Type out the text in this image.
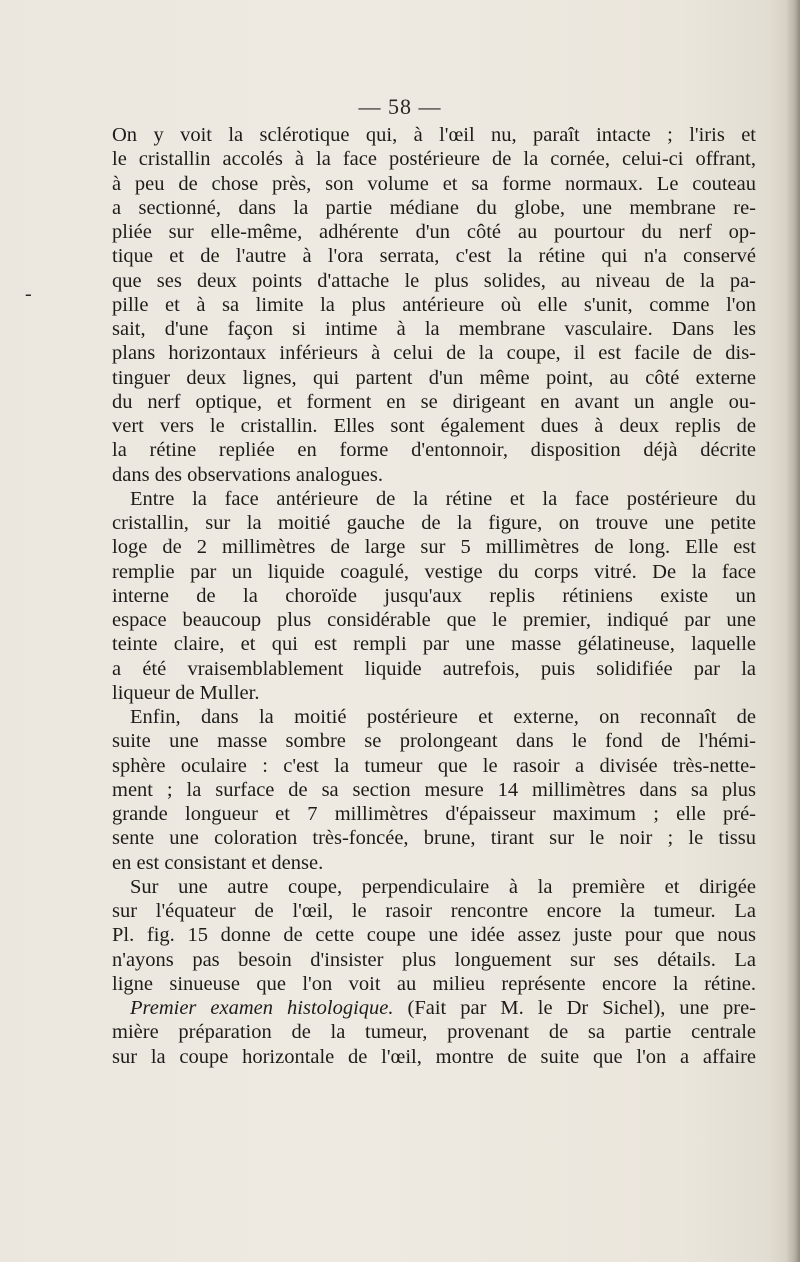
— 58 —
-
On y voit la sclérotique qui, à l'œil nu, paraît intacte ; l'iris et
le cristallin accolés à la face postérieure de la cornée, celui-ci offrant,
à peu de chose près, son volume et sa forme normaux. Le couteau
a sectionné, dans la partie médiane du globe, une membrane re-
pliée sur elle-même, adhérente d'un côté au pourtour du nerf op-
tique et de l'autre à l'ora serrata, c'est la rétine qui n'a conservé
que ses deux points d'attache le plus solides, au niveau de la pa-
pille et à sa limite la plus antérieure où elle s'unit, comme l'on
sait, d'une façon si intime à la membrane vasculaire. Dans les
plans horizontaux inférieurs à celui de la coupe, il est facile de dis-
tinguer deux lignes, qui partent d'un même point, au côté externe
du nerf optique, et forment en se dirigeant en avant un angle ou-
vert vers le cristallin. Elles sont également dues à deux replis de
la rétine repliée en forme d'entonnoir, disposition déjà décrite
dans des observations analogues.
Entre la face antérieure de la rétine et la face postérieure du
cristallin, sur la moitié gauche de la figure, on trouve une petite
loge de 2 millimètres de large sur 5 millimètres de long. Elle est
remplie par un liquide coagulé, vestige du corps vitré. De la face
interne de la choroïde jusqu'aux replis rétiniens existe un
espace beaucoup plus considérable que le premier, indiqué par une
teinte claire, et qui est rempli par une masse gélatineuse, laquelle
a été vraisemblablement liquide autrefois, puis solidifiée par la
liqueur de Muller.
Enfin, dans la moitié postérieure et externe, on reconnaît de
suite une masse sombre se prolongeant dans le fond de l'hémi-
sphère oculaire : c'est la tumeur que le rasoir a divisée très-nette-
ment ; la surface de sa section mesure 14 millimètres dans sa plus
grande longueur et 7 millimètres d'épaisseur maximum ; elle pré-
sente une coloration très-foncée, brune, tirant sur le noir ; le tissu
en est consistant et dense.
Sur une autre coupe, perpendiculaire à la première et dirigée
sur l'équateur de l'œil, le rasoir rencontre encore la tumeur. La
Pl. fig. 15 donne de cette coupe une idée assez juste pour que nous
n'ayons pas besoin d'insister plus longuement sur ses détails. La
ligne sinueuse que l'on voit au milieu représente encore la rétine.
Premier examen histologique. (Fait par M. le Dr Sichel), une pre-
mière préparation de la tumeur, provenant de sa partie centrale
sur la coupe horizontale de l'œil, montre de suite que l'on a affaire
